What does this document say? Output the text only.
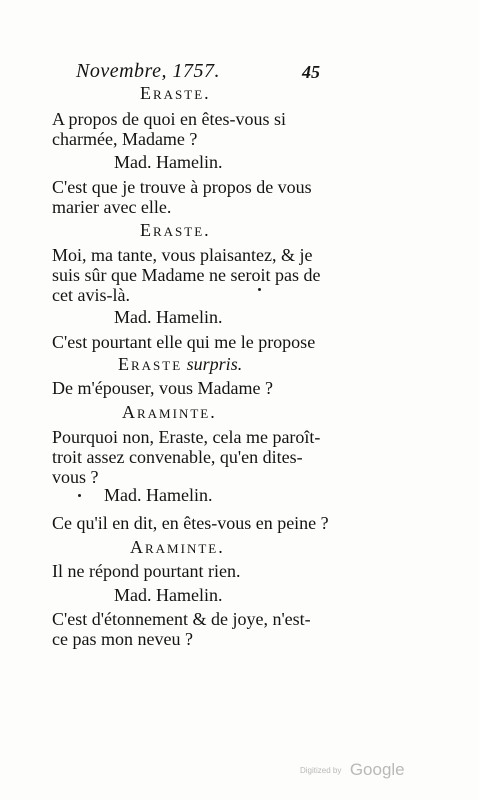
Novembre, 1757.	45
Eraste.
A propos de quoi en êtes-vous si
charmée, Madame ?
Mad. Hamelin.
C'est que je trouve à propos de vous
marier avec elle.
Eraste.
Moi, ma tante, vous plaisantez, & je
suis sûr que Madame ne seroit pas de
cet avis-là.
Mad. Hamelin.
C'est pourtant elle qui me le propose
Eraste surpris.
De m'épouser, vous Madame ?
Araminte.
Pourquoi non, Eraste, cela me paroît-
troit assez convenable, qu'en dites-
vous ?
Mad. Hamelin.
Ce qu'il en dit, en êtes-vous en peine ?
Araminte.
Il ne répond pourtant rien.
Mad. Hamelin.
C'est d'étonnement & de joye, n'est-
ce pas mon neveu ?
Digitized by Google
